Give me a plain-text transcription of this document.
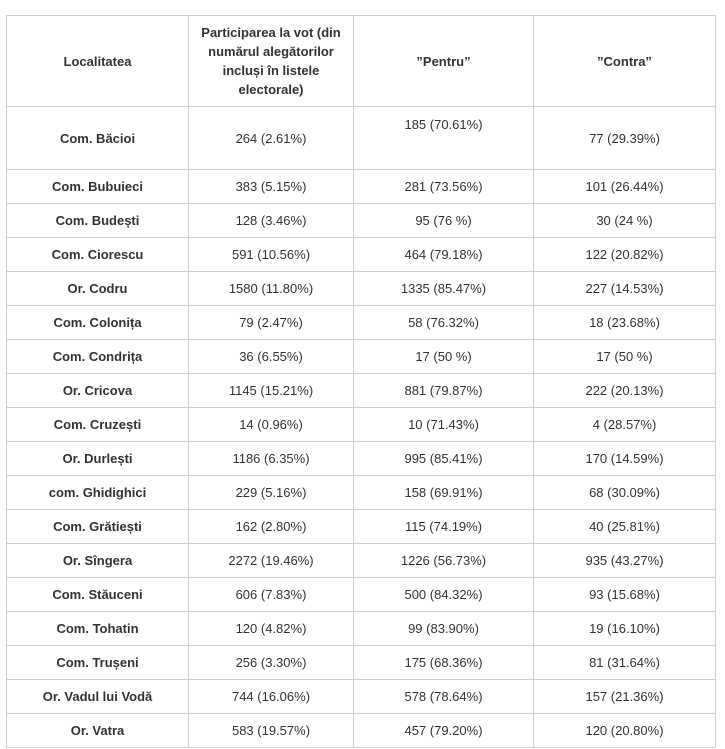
Localitatea	Participarea la vot (din numărul alegătorilor incluși în listele electorale)	”Pentru”	”Contra”
Com. Băcioi	264 (2.61%)	185 (70.61%)	77 (29.39%)
Com. Bubuieci	383 (5.15%)	281 (73.56%)	101 (26.44%)
Com. Budești	128 (3.46%)	95 (76 %)	30 (24 %)
Com. Ciorescu	591 (10.56%)	464 (79.18%)	122 (20.82%)
Or. Codru	1580 (11.80%)	1335 (85.47%)	227 (14.53%)
Com. Colonița	79 (2.47%)	58 (76.32%)	18 (23.68%)
Com. Condrița	36 (6.55%)	17 (50 %)	17 (50 %)
Or. Cricova	1145 (15.21%)	881 (79.87%)	222 (20.13%)
Com. Cruzești	14 (0.96%)	10 (71.43%)	4 (28.57%)
Or. Durlești	1186 (6.35%)	995 (85.41%)	170 (14.59%)
com. Ghidighici	229 (5.16%)	158 (69.91%)	68 (30.09%)
Com. Grătiești	162 (2.80%)	115 (74.19%)	40 (25.81%)
Or. Sîngera	2272 (19.46%)	1226 (56.73%)	935 (43.27%)
Com. Stăuceni	606 (7.83%)	500 (84.32%)	93 (15.68%)
Com. Tohatin	120 (4.82%)	99 (83.90%)	19 (16.10%)
Com. Trușeni	256 (3.30%)	175 (68.36%)	81 (31.64%)
Or. Vadul lui Vodă	744 (16.06%)	578 (78.64%)	157 (21.36%)
Or. Vatra	583 (19.57%)	457 (79.20%)	120 (20.80%)
